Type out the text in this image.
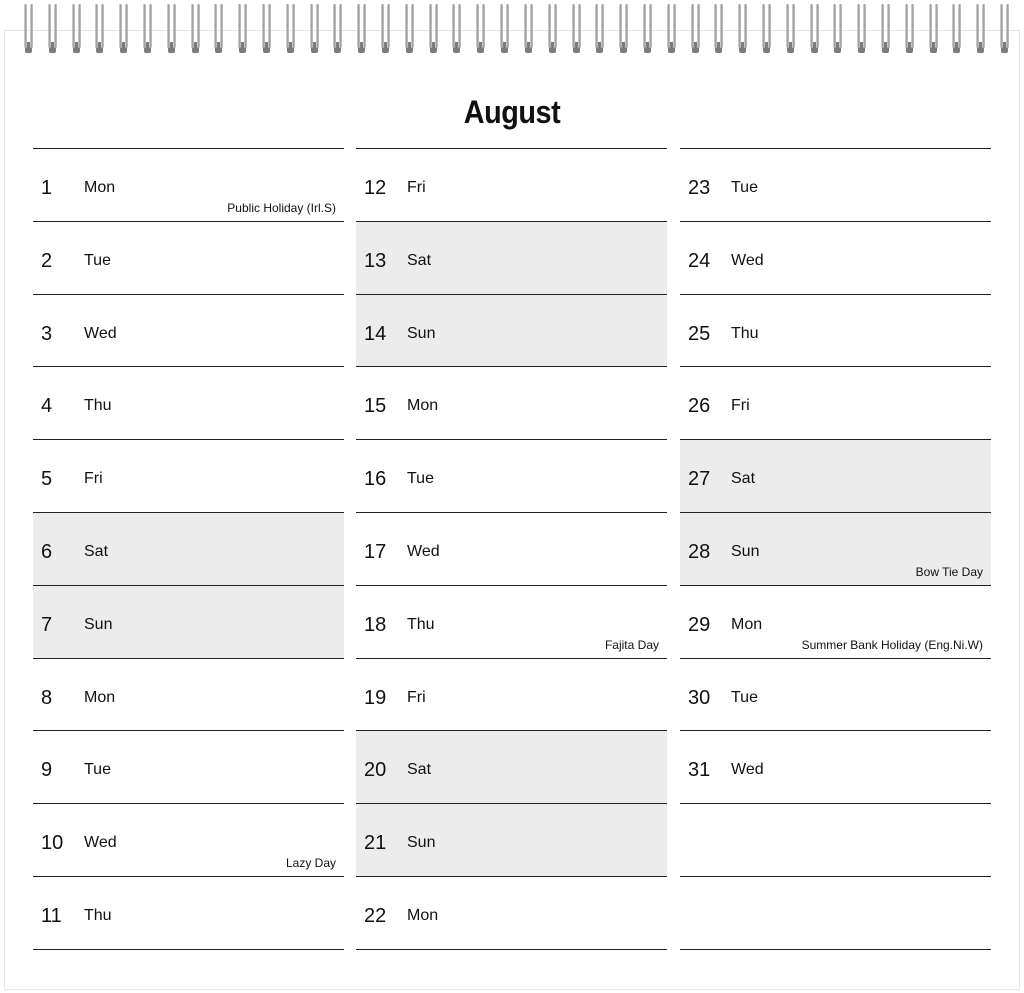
August
1 Mon
Public Holiday (Irl.S)
2 Tue
3 Wed
4 Thu
5 Fri
6 Sat
7 Sun
8 Mon
9 Tue
10 Wed
Lazy Day
11 Thu
12 Fri
13 Sat
14 Sun
15 Mon
16 Tue
17 Wed
18 Thu
Fajita Day
19 Fri
20 Sat
21 Sun
22 Mon
23 Tue
24 Wed
25 Thu
26 Fri
27 Sat
28 Sun
Bow Tie Day
29 Mon
Summer Bank Holiday (Eng.Ni.W)
30 Tue
31 Wed
